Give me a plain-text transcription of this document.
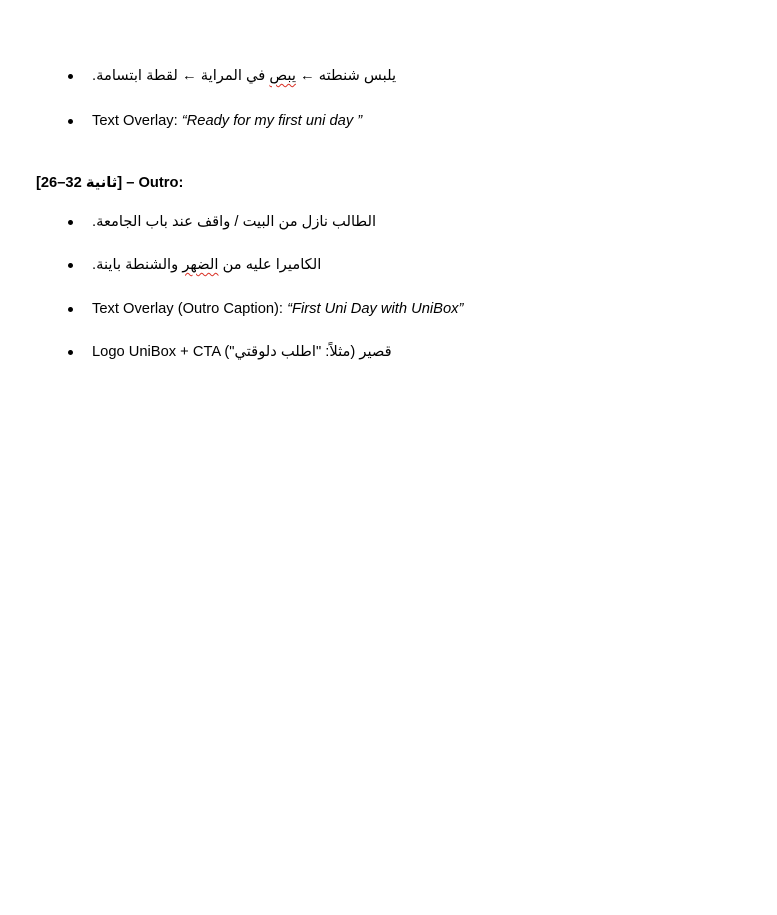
يلبس شنطته ← يبص في المراية ← لقطة ابتسامة.
Text Overlay: “Ready for my first uni day ”
[26–32 ثانية] – Outro:
الطالب نازل من البيت / واقف عند باب الجامعة.
الكاميرا عليه من الضهر والشنطة باينة.
Text Overlay (Outro Caption): “First Uni Day with UniBox”
Logo UniBox + CTA قصير (مثلاً: "اطلب دلوقتي")
